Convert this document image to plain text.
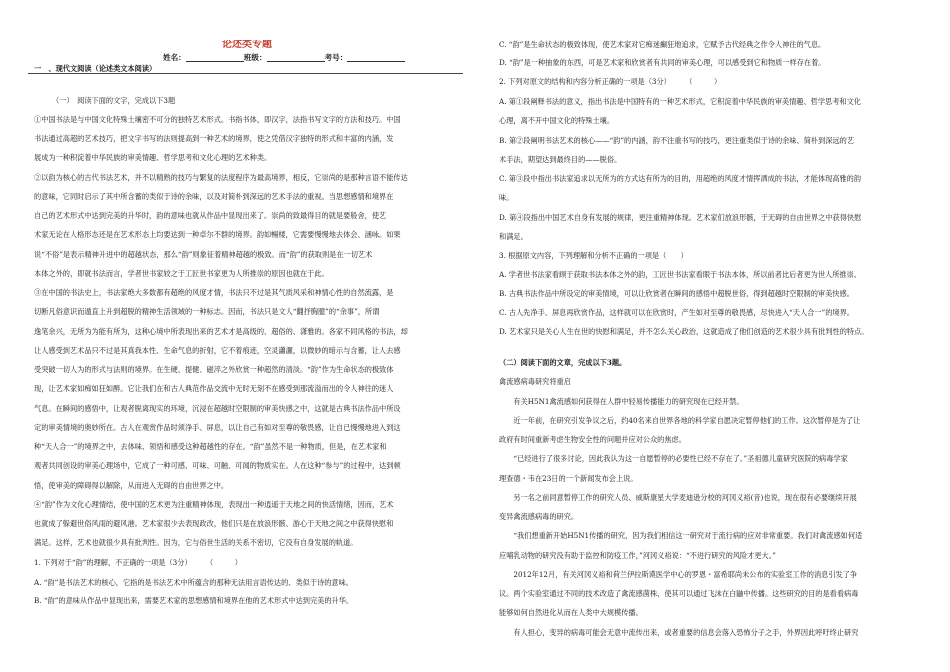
论述类专题
姓名：	班级：	考号：
一　、现代文阅读（论述类文本阅读）
（一）　阅读下面的文字，完成以下3题
①中国书法是与中国文化特殊土壤密不可分的独特艺术形式。书指书体，即汉字，法指书写文字的方法和技巧。中国
书法通过高超的艺术技巧，把文字书写的法则提高到一种艺术的境界，使之凭借汉字独特的形式和丰富的内涵，发
展成为一种积淀着中华民族的审美情趣、哲学思考和文化心理的艺术种类。
②以韵为核心的古代书法艺术，并不以精熟的技巧与繁复的法度程序为最高境界，相反，它崇尚的是那种言语不能传达
的意味，它同时启示了其中所含蓄的类似于诗的余味，以及对简朴到深远的艺术手法的重视。当思想感情和境界在
自己的艺术形式中达到完美的升华时，韵的意味也就从作品中显现出来了。崇尚的致最得目的就是要般舍，使艺
术家无论在人格形态还是在艺术形态上均要达到一种卓尔不群的境界。韵如暢楼，它需要慢慢地去体会、涵咏。如果
说“不俗”是表示精神升进中的超越状态，那么“韵”则象征着精神超越的极致。而“韵”的获取则是在一切艺术
本体之外的，即就书法而言，学者世书家较之于工匠世书家更为人所推崇的原因也就在于此。
③在中国的书法史上，书法家绝大多数都有超绝的风度才情，书法只不过是其气质风采和神情心性的自然流露，是
切断凡俗意识而遁直上升到超脱的精神生活领域的一种标志。因而，书法只是文人“翻抒胸臆”的“余事”，所谓
逸笔余兴，无所为为能有所为，这种心境中所表现出来的艺术才是高级的、超俗的、潇雅的。各家不同风格的书法，却
让人感受到艺术品只不过是其真我本性、生命气息的折射，它不着痕迹，空灵瀟灑，以微妙的暗示与含蓄，让人去感
受突破一切人为的形式与法则的境界。在生硬、提健、磁淬之外欣赏一种超然的清淡。“韵”作为生命状态的极致体
现，让艺术家如痴如狂如醉。它让我们在和古人典范作品交流中无时无刻不在感受到那流溢而出的令人神往的迷人
气息。在瞬间的感悟中，让观者脱离现实的环境，沉浸在超越时空限制的审美快感之中，这就是古典书法作品中所设
定的审美情境的奥妙所在。古人在观赏作品时须浄手、屏息，以让自己有如对至尊的敬畏感，让自已慢慢地进入到这
种“天人合一”的境界之中，去体味、领悟和感受这种超越性的存在。“韵”虽然不是一种物质，但是，在艺术家和
观者共同创设的审美心理场中，它成了一种可感、可味、可触、可闻的物质实在。人在这种“参与”的过程中，达到顿
悟，使审美的障碍得以解除，从而进入无碍的自由世界之中。
④“韵”作为文化心理情结，使中国的艺术更为注重精神体现，表现出一种逍遥于天地之间的快活情绪，因而，艺术
也就成了躲避世俗风雨的避风港。艺术家很少去表现政改，他们只是在放浪形骸、游心于天地之间之中获得快慰和
满足。这样，艺术也就很少具有批判性。因为，它与俗世生活的关系不密切，它没有自身发展的轨道。
1. 下列对于“韵”的理解，不正确的一项是（3分）　　　（　　　）
A. “韵”是书法艺术的核心，它指的是书法艺术中所蕴含的那种无法用言语传达的、类似于诗的意味。
B. “韵”的意味从作品中显现出来，需要艺术家的思想感情和境界在他的艺术形式中达到完美的升华。
C. “韵”是生命状态的极致体现，使艺术家对它痴迷癫狂地追求，它赋予古代经典之作令人神往的气息。
D. “韵”是一种抽象的东西，可是艺术家和欣赏者有共同的审美心理，可以感受到它和物质一样存在着。
2. 下列对原文的结构和内容分析正确的一项是（3分）　　　（　　　）
A. 第①段阐释书法的意义，指出书法是中国特有的一种艺术形式，它积淀着中华民族的审美情趣、哲学思考和文化
心理，离不开中国文化的特殊土壤。
B. 第②段阐明书法艺术的核心——“韵”的内涵，韵不注重书写的技巧，更注重类似于诗的余味、简朴到深远的艺
术手法，期望达到最终目的——脱俗。
C. 第③段中指出书法家追求以无所为的方式达有所为的目的，用超绝的风度才情挥洒成的书法，才能体现高雅的韵
味。
D. 第④段指出中国艺术自身有发展的规律，更注重精神体现。艺术家们放浪形骸，于无碍的自由世界之中获得快慰
和满足。
3. 根据原文内容，下列理解和分析不正确的一项是（　　）
A. 学者世书法家看顾于获取书法本体之外的韵，工匠世书法家看眼于书法本体，所以前者比后者更为世人所推崇。
B. 古典书法作品中所设定的审美情境，可以让欣赏者在瞬间的感悟中超脱世俗，得到超越时空限制的审美快感。
C. 古人先净手、屏息再欣赏作品，这样就可以在欣赏时，产生如对至尊的敬畏感，尽快进入“天人合一”的境界。
D. 艺术家只是关心人生在世的快慰和满足，并不怎么关心政治，这就造成了他们创造的艺术很少具有批判性的特点。
（二）阅读下面的文章，完成以下3题。
禽流感病毒研究将重启
　　有关H5N1禽流感如何获得在人群中轻易传播能力的研究现在已经开禁。
　　近一年前，在研究引发争议之后，约40名来自世界各地的科学家自愿决定暂停他们的工作。这次暂停是为了让
政府有时间重新考虑生物安全性的问题并应对公众的焦虑。
　　“已经进行了很多讨论，因此我认为这一自愿暂停的必要性已经不存在了。”圣祖德儿童研究医院的病毒学家
理查德・韦在23日的一个新闻发布会上说。
　　另一名之前同意暂停工作的研究人员、威斯康星大学麦迪逊分校的河冈义裕(音)也说，现在很有必要继续开展
变异禽流感病毒的研究。
　　“我们想重新开始H5N1传播的研究，因为我们相信这一研究对于流行病的应对非常重要。我们对禽流感如何适
应哺乳动物的研究没有助于监控和防疫工作，”河冈义裕说：“不进行研究的风险才更大。”
　　2012年12月，有关河冈义裕和荷兰伊拉斯谟医学中心的罗恩・富希耶尚未公布的实验室工作的消息引发了争
议。两个实验室通过不同的技术改造了禽流感菌株，使其可以通过飞沫在白鼬中传播。这些研究的目的是看看病毒
能够如何自然进化从而在人类中大规模传播。
　　有人担心，变异的病毒可能会无意中流传出来，或者重要的信息会落入恐怖分子之手，外界因此呼吁终止研究
